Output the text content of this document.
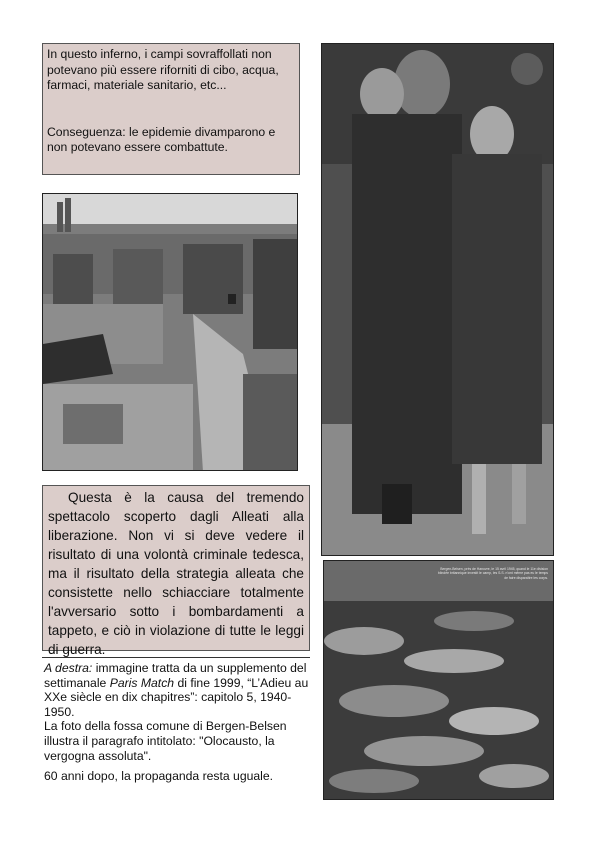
In questo inferno, i campi sovraffollati non potevano più essere riforniti di cibo, acqua, farmaci, materiale sanitario, etc...

Conseguenza: le epidemie divamparono e non potevano essere combattute.

Questa è la causa del tremendo spettacolo scoperto dagli Alleati alla liberazione. Non vi si deve vedere il risultato di una volontà criminale tedesca, ma il risultato della strategia alleata che consistette nello schiacciare totalmente l'avversario sotto i bombardamenti a tappeto, e ciò in violazione di tutte le leggi di guerra.

A destra: immagine tratta da un supplemento del settimanale Paris Match di fine 1999, “L’Adieu au XXe siècle en dix chapitres”: capitolo 5, 1940-1950.

La foto della fossa comune di Bergen-Belsen illustra il paragrafo intitolato: "Olocausto, la vergogna assoluta".

60 anni dopo, la propaganda resta uguale.

Bergen-Belsen, près de Hanovre, le 15 avril 1945, quand le 11e division blindée britannique investit le camp, les S.S. n'ont même pas eu le temps de faire disparaître les corps.
